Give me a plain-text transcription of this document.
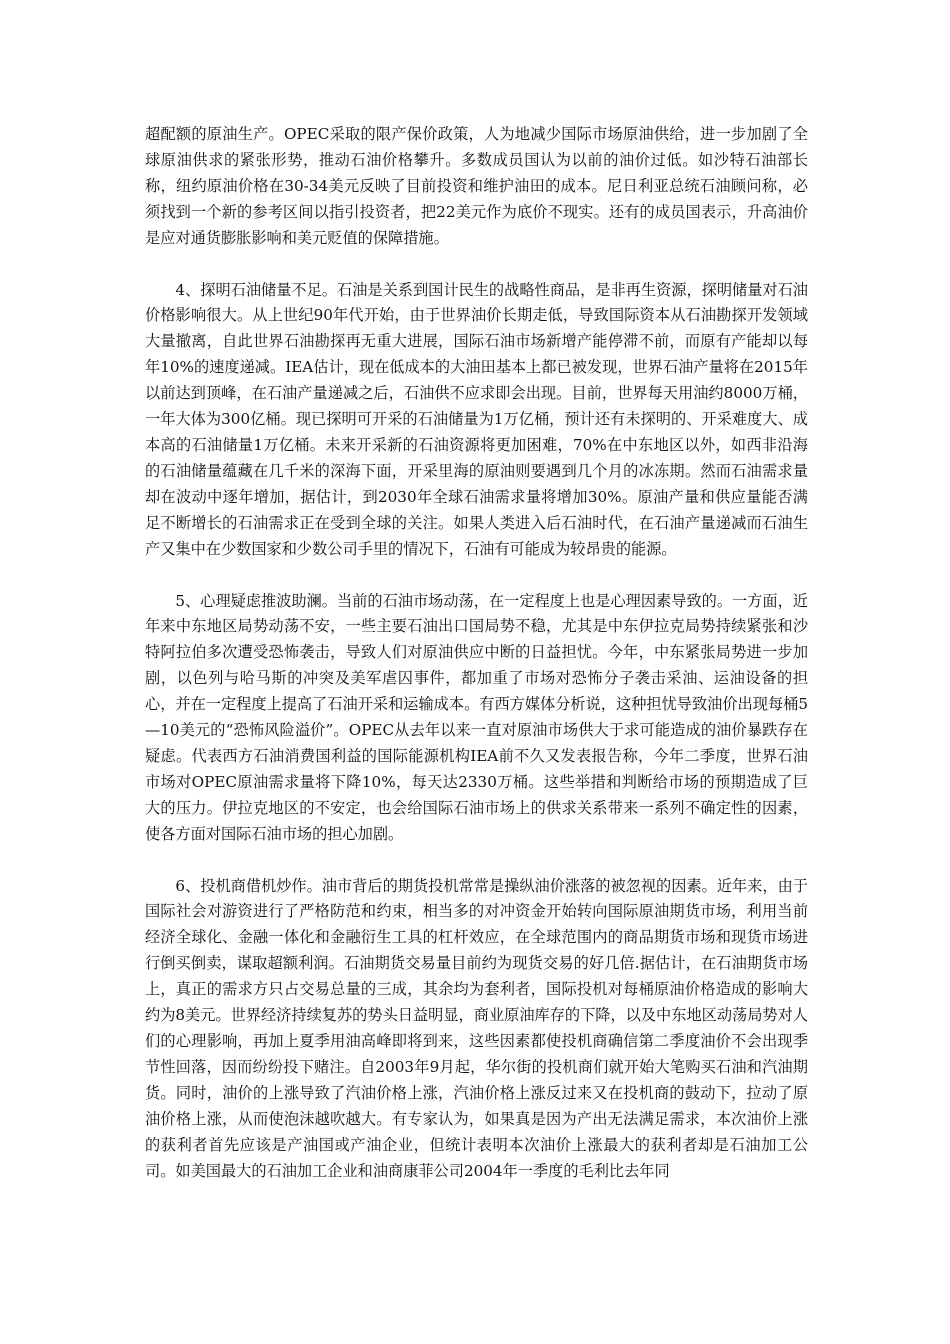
超配额的原油生产。OPEC采取的限产保价政策，人为地减少国际市场原油供给，进一步加剧了全球原油供求的紧张形势，推动石油价格攀升。多数成员国认为以前的油价过低。如沙特石油部长称，纽约原油价格在30-34美元反映了目前投资和维护油田的成本。尼日利亚总统石油顾问称，必须找到一个新的参考区间以指引投资者，把22美元作为底价不现实。还有的成员国表示，升高油价是应对通货膨胀影响和美元贬值的保障措施。

4、探明石油储量不足。石油是关系到国计民生的战略性商品，是非再生资源，探明储量对石油价格影响很大。从上世纪90年代开始，由于世界油价长期走低，导致国际资本从石油勘探开发领域大量撤离，自此世界石油勘探再无重大进展，国际石油市场新增产能停滞不前，而原有产能却以每年10%的速度递减。IEA估计，现在低成本的大油田基本上都已被发现，世界石油产量将在2015年以前达到顶峰，在石油产量递减之后，石油供不应求即会出现。目前，世界每天用油约8000万桶，一年大体为300亿桶。现已探明可开采的石油储量为1万亿桶，预计还有未探明的、开采难度大、成本高的石油储量1万亿桶。未来开采新的石油资源将更加困难，70%在中东地区以外，如西非沿海的石油储量蕴藏在几千米的深海下面，开采里海的原油则要遇到几个月的冰冻期。然而石油需求量却在波动中逐年增加，据估计，到2030年全球石油需求量将增加30%。原油产量和供应量能否满足不断增长的石油需求正在受到全球的关注。如果人类进入后石油时代，在石油产量递减而石油生产又集中在少数国家和少数公司手里的情况下，石油有可能成为较昂贵的能源。

5、心理疑虑推波助澜。当前的石油市场动荡，在一定程度上也是心理因素导致的。一方面，近年来中东地区局势动荡不安，一些主要石油出口国局势不稳，尤其是中东伊拉克局势持续紧张和沙特阿拉伯多次遭受恐怖袭击，导致人们对原油供应中断的日益担忧。今年，中东紧张局势进一步加剧，以色列与哈马斯的冲突及美军虐囚事件，都加重了市场对恐怖分子袭击采油、运油设备的担心，并在一定程度上提高了石油开采和运输成本。有西方媒体分析说，这种担忧导致油价出现每桶5—10美元的“恐怖风险溢价”。OPEC从去年以来一直对原油市场供大于求可能造成的油价暴跌存在疑虑。代表西方石油消费国利益的国际能源机构IEA前不久又发表报告称，今年二季度，世界石油市场对OPEC原油需求量将下降10%，每天达2330万桶。这些举措和判断给市场的预期造成了巨大的压力。伊拉克地区的不安定，也会给国际石油市场上的供求关系带来一系列不确定性的因素，使各方面对国际石油市场的担心加剧。

6、投机商借机炒作。油市背后的期货投机常常是操纵油价涨落的被忽视的因素。近年来，由于国际社会对游资进行了严格防范和约束，相当多的对冲资金开始转向国际原油期货市场，利用当前经济全球化、金融一体化和金融衍生工具的杠杆效应，在全球范围内的商品期货市场和现货市场进行倒买倒卖，谋取超额利润。石油期货交易量目前约为现货交易的好几倍.据估计，在石油期货市场上，真正的需求方只占交易总量的三成，其余均为套利者，国际投机对每桶原油价格造成的影响大约为8美元。世界经济持续复苏的势头日益明显，商业原油库存的下降，以及中东地区动荡局势对人们的心理影响，再加上夏季用油高峰即将到来，这些因素都使投机商确信第二季度油价不会出现季节性回落，因而纷纷投下赌注。自2003年9月起，华尔街的投机商们就开始大笔购买石油和汽油期货。同时，油价的上涨导致了汽油价格上涨，汽油价格上涨反过来又在投机商的鼓动下，拉动了原油价格上涨，从而使泡沫越吹越大。有专家认为，如果真是因为产出无法满足需求，本次油价上涨的获利者首先应该是产油国或产油企业，但统计表明本次油价上涨最大的获利者却是石油加工公司。如美国最大的石油加工企业和油商康菲公司2004年一季度的毛利比去年同
